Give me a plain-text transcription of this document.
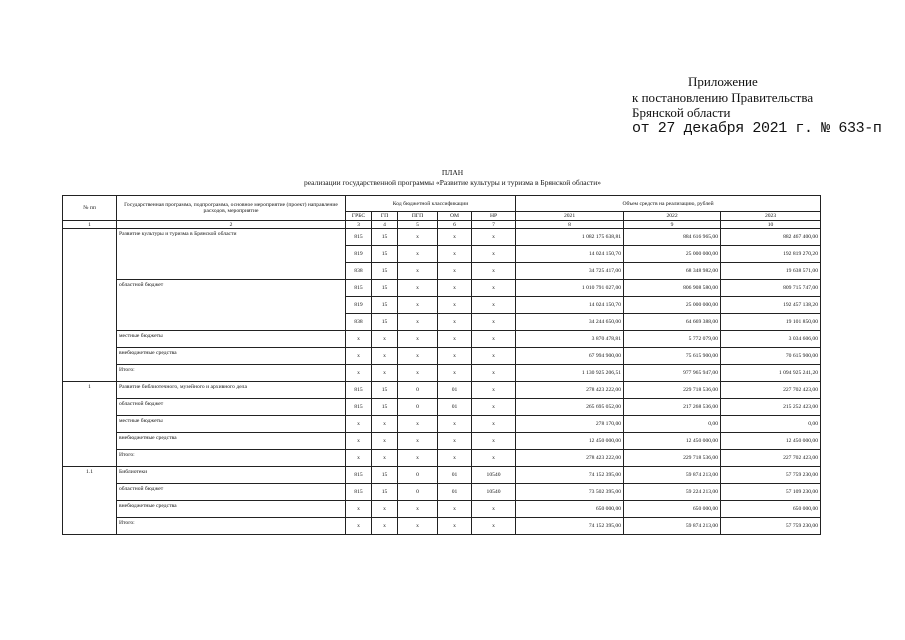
Приложение
к постановлению Правительства
Брянской области
от 27 декабря 2021 г. № 633-п
ПЛАН
реализации государственной программы «Развитие культуры и туризма в Брянской области»
№ пп	Государственная программа, подпрограмма, основное мероприятие (проект) направление расходов, мероприятие	Код бюджетной классификации					Объем средств на реализацию, рублей		
		ГРБС	ГП	ПГП	ОМ	НР	2021	2022	2023
1	2	3	4	5	6	7	8	9	10
	Развитие культуры и туризма в Брянской области	815	15	х	х	х	1 082 175 638,81	884 616 965,00	882 467 400,00
		819	15	х	х	х	14 024 150,70	25 000 000,00	192 819 270,20
		838	15	х	х	х	34 725 417,00	68 348 982,00	19 638 571,00
	областной бюджет	815	15	х	х	х	1 010 791 027,00	806 908 580,00	809 715 747,00
		819	15	х	х	х	14 024 150,70	25 000 000,00	192 457 138,20
		838	15	х	х	х	34 244 650,00	64 669 388,00	19 101 850,00
	местные бюджеты	х	х	х	х	х	3 870 478,81	5 772 079,00	3 034 606,00
	внебюджетные средства	х	х	х	х	х	67 994 900,00	75 615 900,00	70 615 900,00
	Итого:	х	х	х	х	х	1 130 925 206,51	977 965 947,00	1 094 925 241,20
1	Развитие библиотечного, музейного и архивного дела	815	15	0	01	х	278 423 222,00	229 718 536,00	227 702 423,00
	областной бюджет	815	15	0	01	х	265 695 052,00	217 268 536,00	215 252 423,00
	местные бюджеты	х	х	х	х	х	278 170,00	0,00	0,00
	внебюджетные средства	х	х	х	х	х	12 450 000,00	12 450 000,00	12 450 000,00
	Итого:	х	х	х	х	х	278 423 222,00	229 718 536,00	227 702 423,00
1.1	Библиотеки	815	15	0	01	10540	74 152 395,00	59 874 213,00	57 759 230,00
	областной бюджет	815	15	0	01	10540	73 502 395,00	59 224 213,00	57 109 230,00
	внебюджетные средства	х	х	х	х	х	650 000,00	650 000,00	650 000,00
	Итого:	х	х	х	х	х	74 152 395,00	59 874 213,00	57 759 230,00
